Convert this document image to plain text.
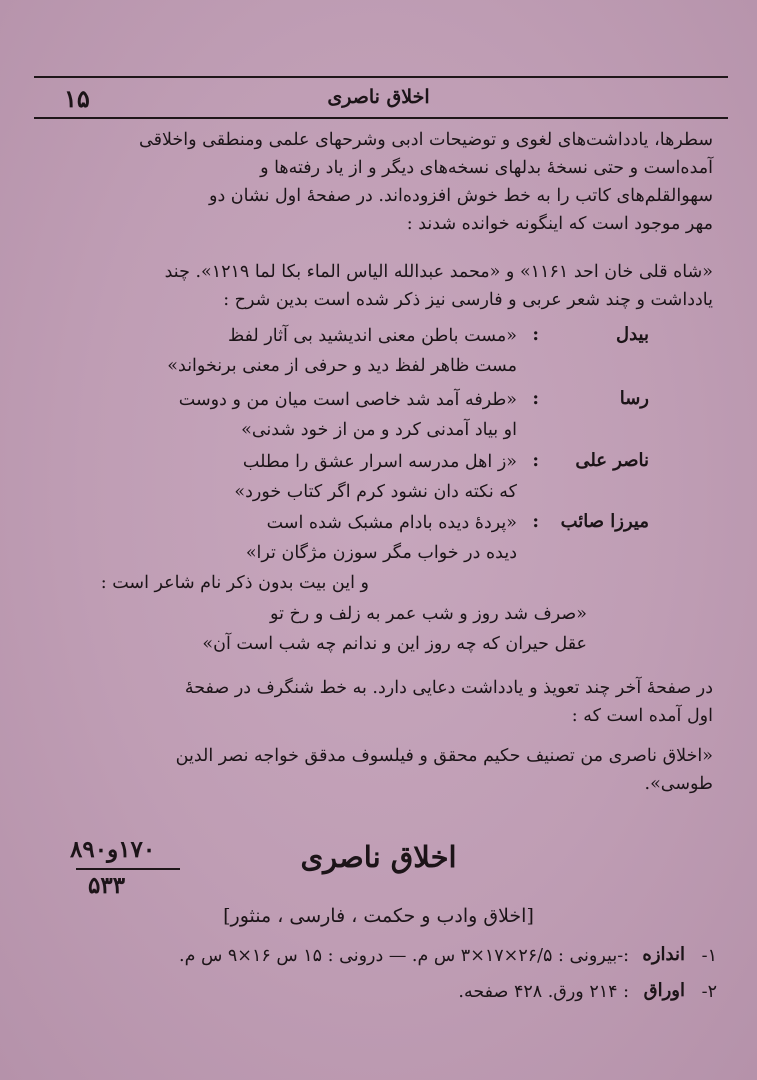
اخلاق ناصری
۱۵
سطرها، یادداشت‌های لغوی و توضیحات ادبی وشرحهای علمی ومنطقی واخلاقی
آمده‌است و حتی نسخهٔ بدلهای نسخه‌های دیگر و از یاد رفته‌ها و
سهوالقلم‌های کاتب را به خط خوش افزوده‌اند. در صفحهٔ اول نشان دو
مهر موجود است که اینگونه خوانده شدند :
«شاه قلی خان احد ۱۱۶۱» و «محمد عبدالله الیاس الماء بکا لما ۱۲۱۹». چند
یادداشت و چند شعر عربی و فارسی نیز ذکر شده است بدین شرح :
بیدل
:
«مست باطن معنی اندیشید بی آثار لفظ
مست ظاهر لفظ دید و حرفی از معنی برنخواند»
رسا
:
«طرفه آمد شد خاصی است میان من و دوست
او بیاد آمدنی کرد و من از خود شدنی»
ناصر علی
:
«ز اهل مدرسه اسرار عشق را مطلب
که نکته دان نشود کرم اگر کتاب خورد»
میرزا صائب
:
«پردهٔ دیده بادام مشبک شده است
دیده در خواب مگر سوزن مژگان ترا»
و این بیت بدون ذکر نام شاعر است :
«صرف شد روز و شب عمر به زلف و رخ تو
عقل حیران که چه روز این و ندانم چه شب است آن»
در صفحهٔ آخر چند تعویذ و یادداشت دعایی دارد. به خط شنگرف در صفحهٔ
اول آمده است که :
«اخلاق ناصری من تصنیف حکیم محقق و فیلسوف مدقق خواجه نصر الدین
طوسی».
۱۷۰و۸۹۰
۵۳۳
اخلاق ناصری
[اخلاق وادب و حکمت ، فارسی ، منثور]
۱-
اندازه
:-بیرونی : ۲۶/۵×۱۷×۳ س م. — درونی : ۱۵ س ۱۶×۹ س م.
۲-
اوراق
: ۲۱۴ ورق. ۴۲۸ صفحه.
